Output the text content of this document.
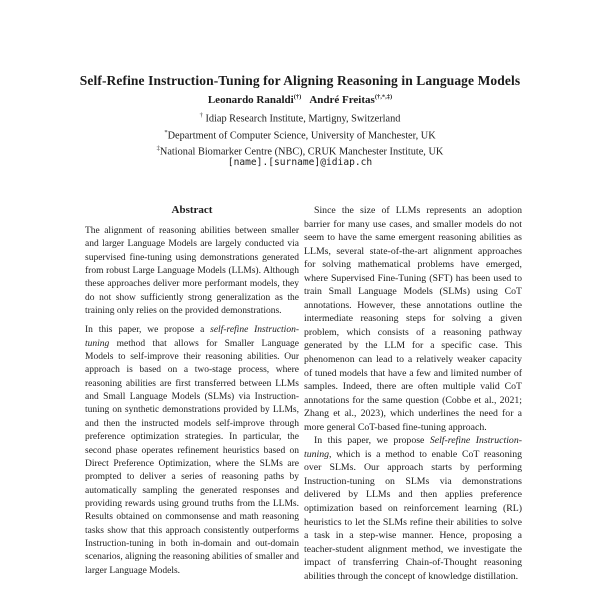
Self-Refine Instruction-Tuning for Aligning Reasoning in Language Models
Leonardo Ranaldi(†) André Freitas(†,*,‡)
† Idiap Research Institute, Martigny, Switzerland
*Department of Computer Science, University of Manchester, UK
‡National Biomarker Centre (NBC), CRUK Manchester Institute, UK
[name].[surname]@idiap.ch
Abstract

The alignment of reasoning abilities between smaller and larger Language Models are largely conducted via supervised fine-tuning using demonstrations generated from robust Large Language Models (LLMs). Although these approaches deliver more performant models, they do not show sufficiently strong generalization as the training only relies on the provided demonstrations.

In this paper, we propose a self-refine Instruction-tuning method that allows for Smaller Language Models to self-improve their reasoning abilities. Our approach is based on a two-stage process, where reasoning abilities are first transferred between LLMs and Small Language Models (SLMs) via Instruction-tuning on synthetic demonstrations provided by LLMs, and then the instructed models self-improve through preference optimization strategies. In particular, the second phase operates refinement heuristics based on Direct Preference Optimization, where the SLMs are prompted to deliver a series of reasoning paths by automatically sampling the generated responses and providing rewards using ground truths from the LLMs. Results obtained on commonsense and math reasoning tasks show that this approach consistently outperforms Instruction-tuning in both in-domain and out-domain scenarios, aligning the reasoning abilities of smaller and larger Language Models.

Since the size of LLMs represents an adoption barrier for many use cases, and smaller models do not seem to have the same emergent reasoning abilities as LLMs, several state-of-the-art alignment approaches for solving mathematical problems have emerged, where Supervised Fine-Tuning (SFT) has been used to train Small Language Models (SLMs) using CoT annotations. However, these annotations outline the intermediate reasoning steps for solving a given problem, which consists of a reasoning pathway generated by the LLM for a specific case. This phenomenon can lead to a relatively weaker capacity of tuned models that have a few and limited number of samples. Indeed, there are often multiple valid CoT annotations for the same question (Cobbe et al., 2021; Zhang et al., 2023), which underlines the need for a more general CoT-based fine-tuning approach.

In this paper, we propose Self-refine Instruction-tuning, which is a method to enable CoT reasoning over SLMs. Our approach starts by performing Instruction-tuning on SLMs via demonstrations delivered by LLMs and then applies preference optimization based on reinforcement learning (RL) heuristics to let the SLMs refine their abilities to solve a task in a step-wise manner. Hence, proposing a teacher-student alignment method, we investigate the impact of transferring Chain-of-Thought reasoning abilities through the concept of knowledge distillation.
